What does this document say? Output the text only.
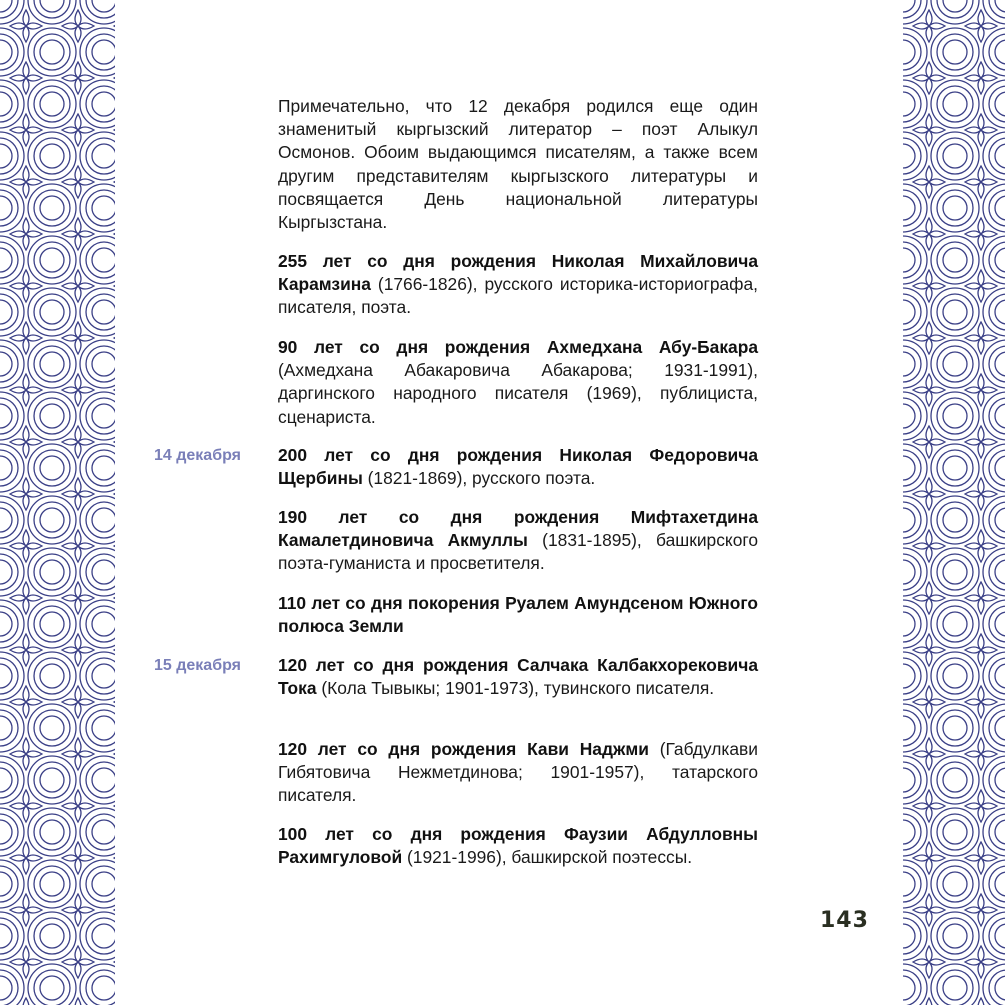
Примечательно, что 12 декабря родился еще один знаменитый кыргызский литератор – поэт Алыкул Осмонов. Обоим выдающимся писателям, а также всем другим представителям кыргызского литературы и посвящается День национальной литературы Кыргызстана.

255 лет со дня рождения Николая Михайловича Карамзина (1766-1826), русского историка-историографа, писателя, поэта.

90 лет со дня рождения Ахмедхана Абу-Бакара (Ахмедхана Абакаровича Абакарова; 1931-1991), даргинского народного писателя (1969), публициста, сценариста.

14 декабря	200 лет со дня рождения Николая Федоровича Щербины (1821-1869), русского поэта.

190 лет со дня рождения Мифтахетдина Камалетдиновича Акмуллы (1831-1895), башкирского поэта-гуманиста и просветителя.

110 лет со дня покорения Руалем Амундсеном Южного полюса Земли

15 декабря	120 лет со дня рождения Салчака Калбакхорековича Тока (Кола Тывыкы; 1901-1973), тувинского писателя.

120 лет со дня рождения Кави Наджми (Габдулкави Гибятовича Нежметдинова; 1901-1957), татарского писателя.

100 лет со дня рождения Фаузии Абдулловны Рахимгуловой (1921-1996), башкирской поэтессы.

143
